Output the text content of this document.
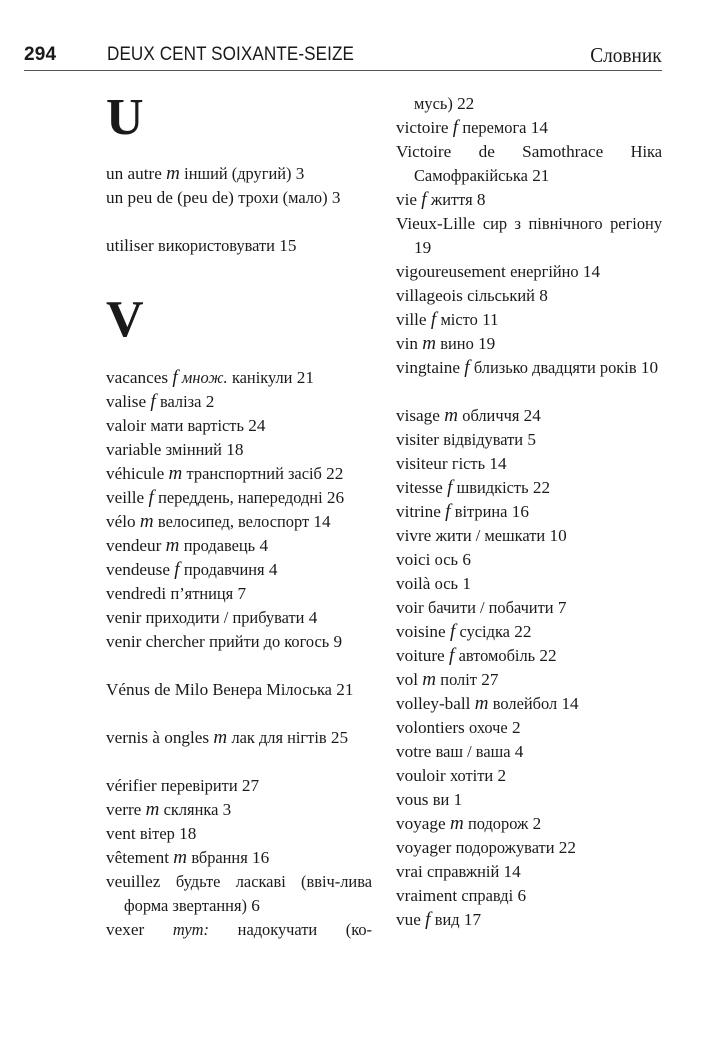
294	DEUX CENT SOIXANTE-SEIZE	Словник
U
un autre m інший (другий) 3
un peu de (peu de) трохи (мало) 3
utiliser використовувати 15
V
vacances f множ. канікули 21
valise f валіза 2
valoir мати вартість 24
variable змінний 18
véhicule m транспортний засіб 22
veille f переддень, напередодні 26
vélo m велосипед, велоспорт 14
vendeur m продавець 4
vendeuse f продавчиня 4
vendredi п’ятниця 7
venir приходити / прибувати 4
venir chercher прийти до когось 9
Vénus de Milo Венера Мілоська 21
vernis à ongles m лак для нігтів 25
vérifier перевірити 27
verre m склянка 3
vent вітер 18
vêtement m вбрання 16
veuillez будьте ласкаві (ввіч-лива форма звертання) 6
vexer тут: надокучати (ко-
мусь) 22
victoire f перемога 14
Victoire de Samothrace Ніка Самофракійська 21
vie f життя 8
Vieux-Lille сир з північного регіону 19
vigoureusement енергійно 14
villageois сільський 8
ville f місто 11
vin m вино 19
vingtaine f близько двадцяти років 10
visage m обличчя 24
visiter відвідувати 5
visiteur гість 14
vitesse f швидкість 22
vitrine f вітрина 16
vivre жити / мешкати 10
voici ось 6
voilà ось 1
voir бачити / побачити 7
voisine f сусідка 22
voiture f автомобіль 22
vol m політ 27
volley-ball m волейбол 14
volontiers охоче 2
votre ваш / ваша 4
vouloir хотіти 2
vous ви 1
voyage m подорож 2
voyager подорожувати 22
vrai справжній 14
vraiment справді 6
vue f вид 17
